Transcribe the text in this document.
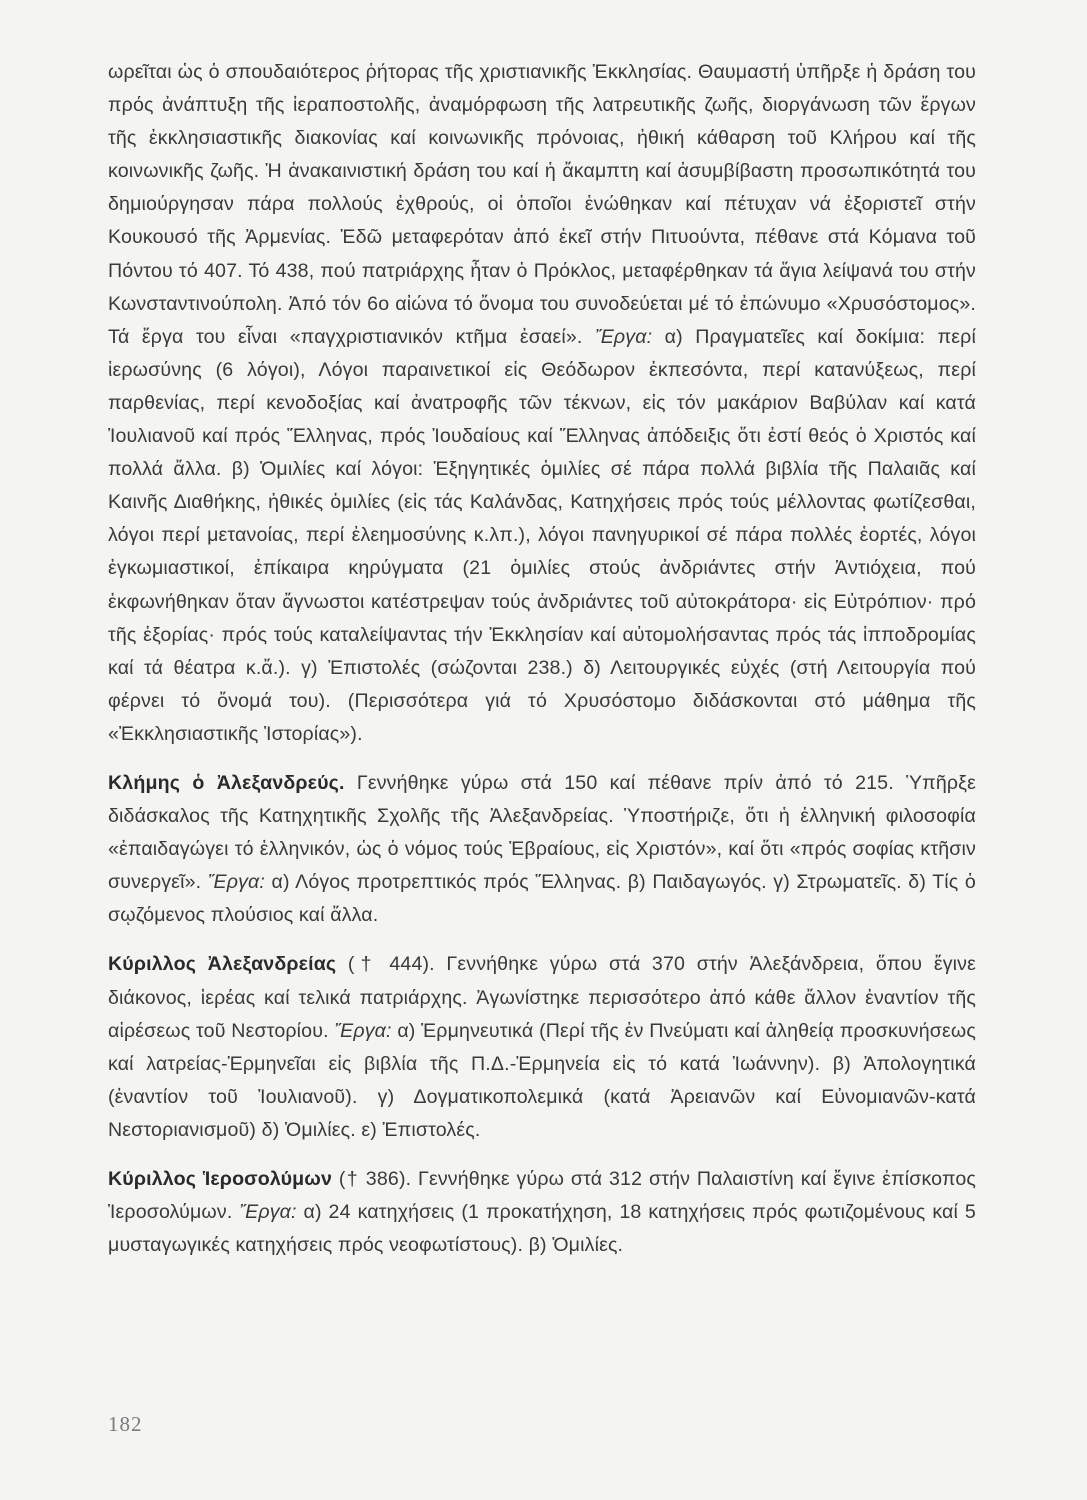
ωρεῖται ὡς ὁ σπουδαιότερος ῥήτορας τῆς χριστιανικῆς Ἐκκλησίας. Θαυμαστή ὑπῆρξε ἡ δράση του πρός ἀνάπτυξη τῆς ἱεραποστολῆς, ἀναμόρφωση τῆς λατρευτικῆς ζωῆς, διοργάνωση τῶν ἔργων τῆς ἐκκλησιαστικῆς διακονίας καί κοινωνικῆς πρόνοιας, ἠθική κάθαρση τοῦ Κλήρου καί τῆς κοινωνικῆς ζωῆς. Ἡ ἀνακαινιστική δράση του καί ἡ ἄκαμπτη καί ἀσυμβίβαστη προσωπικότητά του δημιούργησαν πάρα πολλούς ἐχθρούς, οἱ ὁποῖοι ἑνώθηκαν καί πέτυχαν νά ἐξοριστεῖ στήν Κουκουσό τῆς Ἀρμενίας. Ἐδῶ μεταφερόταν ἀπό ἐκεῖ στήν Πιτυούντα, πέθανε στά Κόμανα τοῦ Πόντου τό 407. Τό 438, πού πατριάρχης ἦταν ὁ Πρόκλος, μεταφέρθηκαν τά ἅγια λείψανά του στήν Κωνσταντινούπολη. Ἀπό τόν 6ο αἰώνα τό ὄνομα του συνοδεύεται μέ τό ἐπώνυμο «Χρυσόστομος». Τά ἔργα του εἶναι «παγχριστιανικόν κτῆμα ἐσαεί». Ἔργα: α) Πραγματεῖες καί δοκίμια: περί ἱερωσύνης (6 λόγοι), Λόγοι παραινετικοί εἰς Θεόδωρον ἐκπεσόντα, περί κατανύξεως, περί παρθενίας, περί κενοδοξίας καί ἀνατροφῆς τῶν τέκνων, εἰς τόν μακάριον Βαβύλαν καί κατά Ἰουλιανοῦ καί πρός Ἕλληνας, πρός Ἰουδαίους καί Ἕλληνας ἀπόδειξις ὅτι ἐστί θεός ὁ Χριστός καί πολλά ἄλλα. β) Ὁμιλίες καί λόγοι: Ἐξηγητικές ὁμιλίες σέ πάρα πολλά βιβλία τῆς Παλαιᾶς καί Καινῆς Διαθήκης, ἠθικές ὁμιλίες (εἰς τάς Καλάνδας, Κατηχήσεις πρός τούς μέλλοντας φωτίζεσθαι, λόγοι περί μετανοίας, περί ἐλεημοσύνης κ.λπ.), λόγοι πανηγυρικοί σέ πάρα πολλές ἑορτές, λόγοι ἐγκωμιαστικοί, ἐπίκαιρα κηρύγματα (21 ὁμιλίες στούς ἀνδριάντες στήν Ἀντιόχεια, πού ἐκφωνήθηκαν ὅταν ἄγνωστοι κατέστρεψαν τούς ἀνδριάντες τοῦ αὐτοκράτορα· εἰς Εὐτρόπιον· πρό τῆς ἐξορίας· πρός τούς καταλείψαντας τήν Ἐκκλησίαν καί αὐτομολήσαντας πρός τάς ἱπποδρομίας καί τά θέατρα κ.ἄ.). γ) Ἐπιστολές (σώζονται 238.) δ) Λειτουργικές εὐχές (στή Λειτουργία πού φέρνει τό ὄνομά του). (Περισσότερα γιά τό Χρυσόστομο διδάσκονται στό μάθημα τῆς «Ἐκκλησιαστικῆς Ἱστορίας»).

Κλήμης ὁ Ἀλεξανδρεύς. Γεννήθηκε γύρω στά 150 καί πέθανε πρίν ἀπό τό 215. Ὑπῆρξε διδάσκαλος τῆς Κατηχητικῆς Σχολῆς τῆς Ἀλεξανδρείας. Ὑποστήριζε, ὅτι ἡ ἑλληνική φιλοσοφία «ἐπαιδαγώγει τό ἑλληνικόν, ὡς ὁ νόμος τούς Ἑβραίους, εἰς Χριστόν», καί ὅτι «πρός σοφίας κτῆσιν συνεργεῖ». Ἔργα: α) Λόγος προτρεπτικός πρός Ἕλληνας. β) Παιδαγωγός. γ) Στρωματεῖς. δ) Τίς ὁ σῳζόμενος πλούσιος καί ἄλλα.

Κύριλλος Ἀλεξανδρείας († 444). Γεννήθηκε γύρω στά 370 στήν Ἀλεξάνδρεια, ὅπου ἔγινε διάκονος, ἱερέας καί τελικά πατριάρχης. Ἀγωνίστηκε περισσότερο ἀπό κάθε ἄλλον ἐναντίον τῆς αἱρέσεως τοῦ Νεστορίου. Ἔργα: α) Ἑρμηνευτικά (Περί τῆς ἐν Πνεύματι καί ἀληθείᾳ προσκυνήσεως καί λατρείας-Ἑρμηνεῖαι εἰς βιβλία τῆς Π.Δ.-Ἑρμηνεία εἰς τό κατά Ἰωάννην). β) Ἀπολογητικά (ἐναντίον τοῦ Ἰουλιανοῦ). γ) Δογματικοπολεμικά (κατά Ἀρειανῶν καί Εὐνομιανῶν-κατά Νεστοριανισμοῦ) δ) Ὁμιλίες. ε) Ἐπιστολές.

Κύριλλος Ἱεροσολύμων († 386). Γεννήθηκε γύρω στά 312 στήν Παλαιστίνη καί ἔγινε ἐπίσκοπος Ἱεροσολύμων. Ἔργα: α) 24 κατηχήσεις (1 προκατήχηση, 18 κατηχήσεις πρός φωτιζομένους καί 5 μυσταγωγικές κατηχήσεις πρός νεοφωτίστους). β) Ὁμιλίες.

182
